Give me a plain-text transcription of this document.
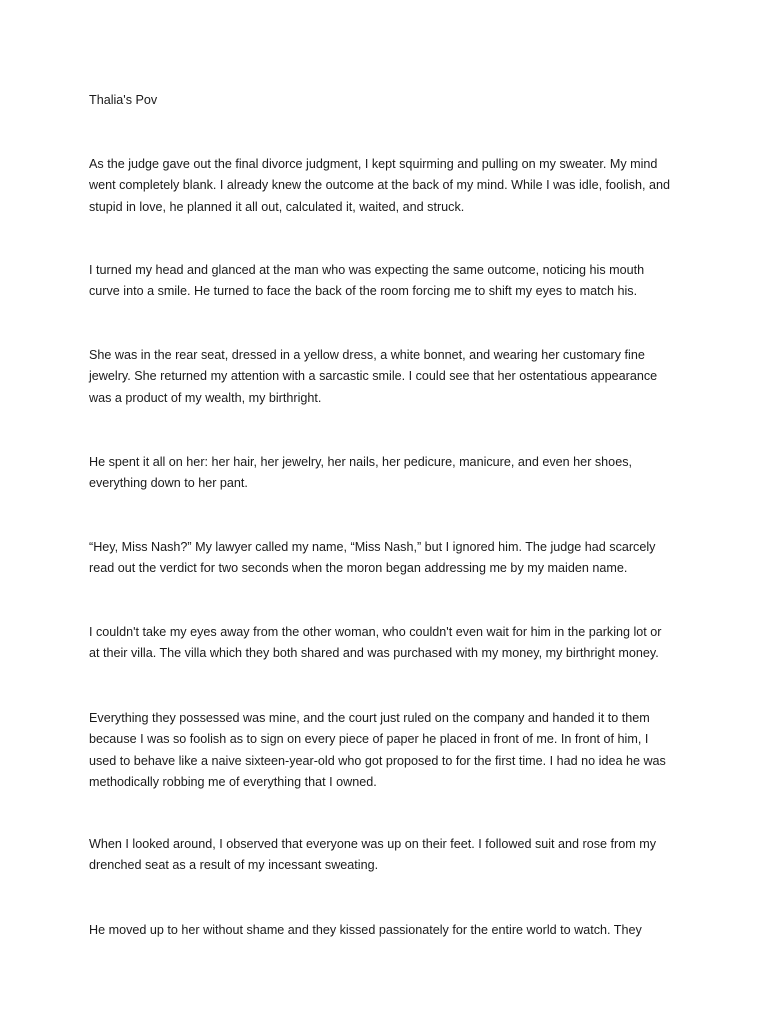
Thalia's Pov

As the judge gave out the final divorce judgment, I kept squirming and pulling on my sweater. My mind
went completely blank. I already knew the outcome at the back of my mind. While I was idle, foolish, and
stupid in love, he planned it all out, calculated it, waited, and struck.

I turned my head and glanced at the man who was expecting the same outcome, noticing his mouth
curve into a smile. He turned to face the back of the room forcing me to shift my eyes to match his.

She was in the rear seat, dressed in a yellow dress, a white bonnet, and wearing her customary fine
jewelry. She returned my attention with a sarcastic smile. I could see that her ostentatious appearance
was a product of my wealth, my birthright.

He spent it all on her: her hair, her jewelry, her nails, her pedicure, manicure, and even her shoes,
everything down to her pant.

“Hey, Miss Nash?” My lawyer called my name, “Miss Nash,” but I ignored him. The judge had scarcely
read out the verdict for two seconds when the moron began addressing me by my maiden name.

I couldn't take my eyes away from the other woman, who couldn't even wait for him in the parking lot or
at their villa. The villa which they both shared and was purchased with my money, my birthright money.

Everything they possessed was mine, and the court just ruled on the company and handed it to them
because I was so foolish as to sign on every piece of paper he placed in front of me. In front of him, I
used to behave like a naive sixteen-year-old who got proposed to for the first time. I had no idea he was
methodically robbing me of everything that I owned.

When I looked around, I observed that everyone was up on their feet. I followed suit and rose from my
drenched seat as a result of my incessant sweating.

He moved up to her without shame and they kissed passionately for the entire world to watch. They
